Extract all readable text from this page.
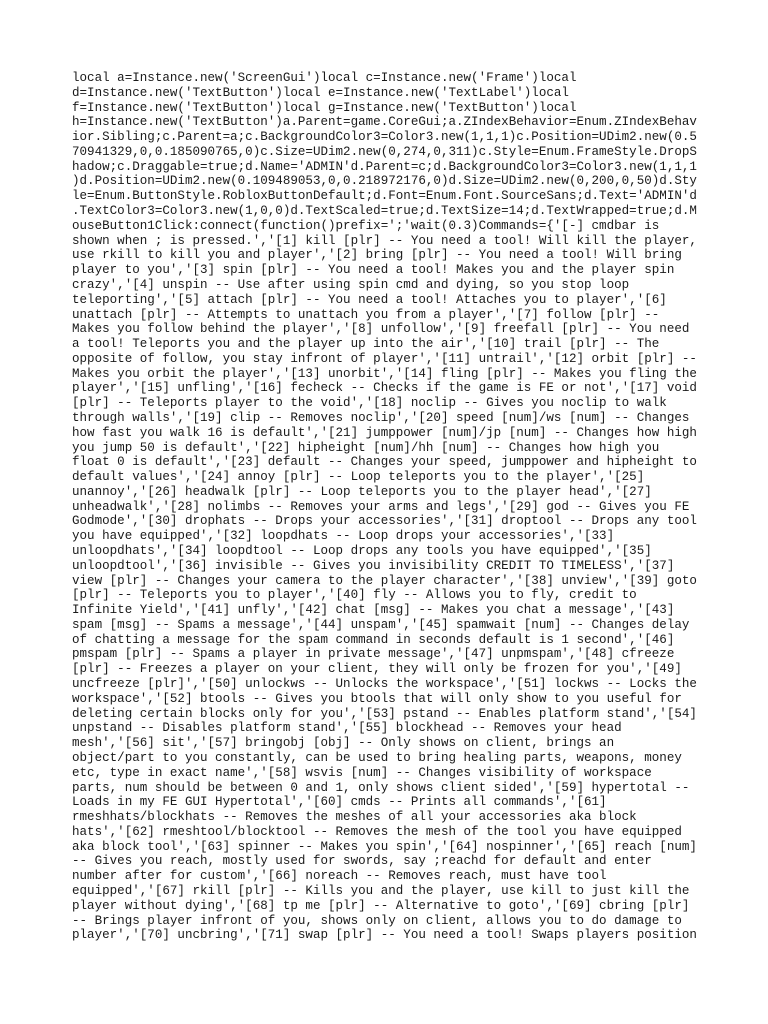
local a=Instance.new('ScreenGui')local c=Instance.new('Frame')local
d=Instance.new('TextButton')local e=Instance.new('TextLabel')local
f=Instance.new('TextButton')local g=Instance.new('TextButton')local
h=Instance.new('TextButton')a.Parent=game.CoreGui;a.ZIndexBehavior=Enum.ZIndexBehav
ior.Sibling;c.Parent=a;c.BackgroundColor3=Color3.new(1,1,1)c.Position=UDim2.new(0.5
70941329,0,0.185090765,0)c.Size=UDim2.new(0,274,0,311)c.Style=Enum.FrameStyle.DropS
hadow;c.Draggable=true;d.Name='ADMIN'd.Parent=c;d.BackgroundColor3=Color3.new(1,1,1
)d.Position=UDim2.new(0.109489053,0,0.218972176,0)d.Size=UDim2.new(0,200,0,50)d.Sty
le=Enum.ButtonStyle.RobloxButtonDefault;d.Font=Enum.Font.SourceSans;d.Text='ADMIN'd
.TextColor3=Color3.new(1,0,0)d.TextScaled=true;d.TextSize=14;d.TextWrapped=true;d.M
ouseButton1Click:connect(function()prefix=';'wait(0.3)Commands={'[-] cmdbar is
shown when ; is pressed.','[1] kill [plr] -- You need a tool! Will kill the player,
use rkill to kill you and player','[2] bring [plr] -- You need a tool! Will bring
player to you','[3] spin [plr] -- You need a tool! Makes you and the player spin
crazy','[4] unspin -- Use after using spin cmd and dying, so you stop loop
teleporting','[5] attach [plr] -- You need a tool! Attaches you to player','[6]
unattach [plr] -- Attempts to unattach you from a player','[7] follow [plr] --
Makes you follow behind the player','[8] unfollow','[9] freefall [plr] -- You need
a tool! Teleports you and the player up into the air','[10] trail [plr] -- The
opposite of follow, you stay infront of player','[11] untrail','[12] orbit [plr] --
Makes you orbit the player','[13] unorbit','[14] fling [plr] -- Makes you fling the
player','[15] unfling','[16] fecheck -- Checks if the game is FE or not','[17] void
[plr] -- Teleports player to the void','[18] noclip -- Gives you noclip to walk
through walls','[19] clip -- Removes noclip','[20] speed [num]/ws [num] -- Changes
how fast you walk 16 is default','[21] jumppower [num]/jp [num] -- Changes how high
you jump 50 is default','[22] hipheight [num]/hh [num] -- Changes how high you
float 0 is default','[23] default -- Changes your speed, jumppower and hipheight to
default values','[24] annoy [plr] -- Loop teleports you to the player','[25]
unannoy','[26] headwalk [plr] -- Loop teleports you to the player head','[27]
unheadwalk','[28] nolimbs -- Removes your arms and legs','[29] god -- Gives you FE
Godmode','[30] drophats -- Drops your accessories','[31] droptool -- Drops any tool
you have equipped','[32] loopdhats -- Loop drops your accessories','[33]
unloopdhats','[34] loopdtool -- Loop drops any tools you have equipped','[35]
unloopdtool','[36] invisible -- Gives you invisibility CREDIT TO TIMELESS','[37]
view [plr] -- Changes your camera to the player character','[38] unview','[39] goto
[plr] -- Teleports you to player','[40] fly -- Allows you to fly, credit to
Infinite Yield','[41] unfly','[42] chat [msg] -- Makes you chat a message','[43]
spam [msg] -- Spams a message','[44] unspam','[45] spamwait [num] -- Changes delay
of chatting a message for the spam command in seconds default is 1 second','[46]
pmspam [plr] -- Spams a player in private message','[47] unpmspam','[48] cfreeze
[plr] -- Freezes a player on your client, they will only be frozen for you','[49]
uncfreeze [plr]','[50] unlockws -- Unlocks the workspace','[51] lockws -- Locks the
workspace','[52] btools -- Gives you btools that will only show to you useful for
deleting certain blocks only for you','[53] pstand -- Enables platform stand','[54]
unpstand -- Disables platform stand','[55] blockhead -- Removes your head
mesh','[56] sit','[57] bringobj [obj] -- Only shows on client, brings an
object/part to you constantly, can be used to bring healing parts, weapons, money
etc, type in exact name','[58] wsvis [num] -- Changes visibility of workspace
parts, num should be between 0 and 1, only shows client sided','[59] hypertotal --
Loads in my FE GUI Hypertotal','[60] cmds -- Prints all commands','[61]
rmeshhats/blockhats -- Removes the meshes of all your accessories aka block
hats','[62] rmeshtool/blocktool -- Removes the mesh of the tool you have equipped
aka block tool','[63] spinner -- Makes you spin','[64] nospinner','[65] reach [num]
-- Gives you reach, mostly used for swords, say ;reachd for default and enter
number after for custom','[66] noreach -- Removes reach, must have tool
equipped','[67] rkill [plr] -- Kills you and the player, use kill to just kill the
player without dying','[68] tp me [plr] -- Alternative to goto','[69] cbring [plr]
-- Brings player infront of you, shows only on client, allows you to do damage to
player','[70] uncbring','[71] swap [plr] -- You need a tool! Swaps players position
